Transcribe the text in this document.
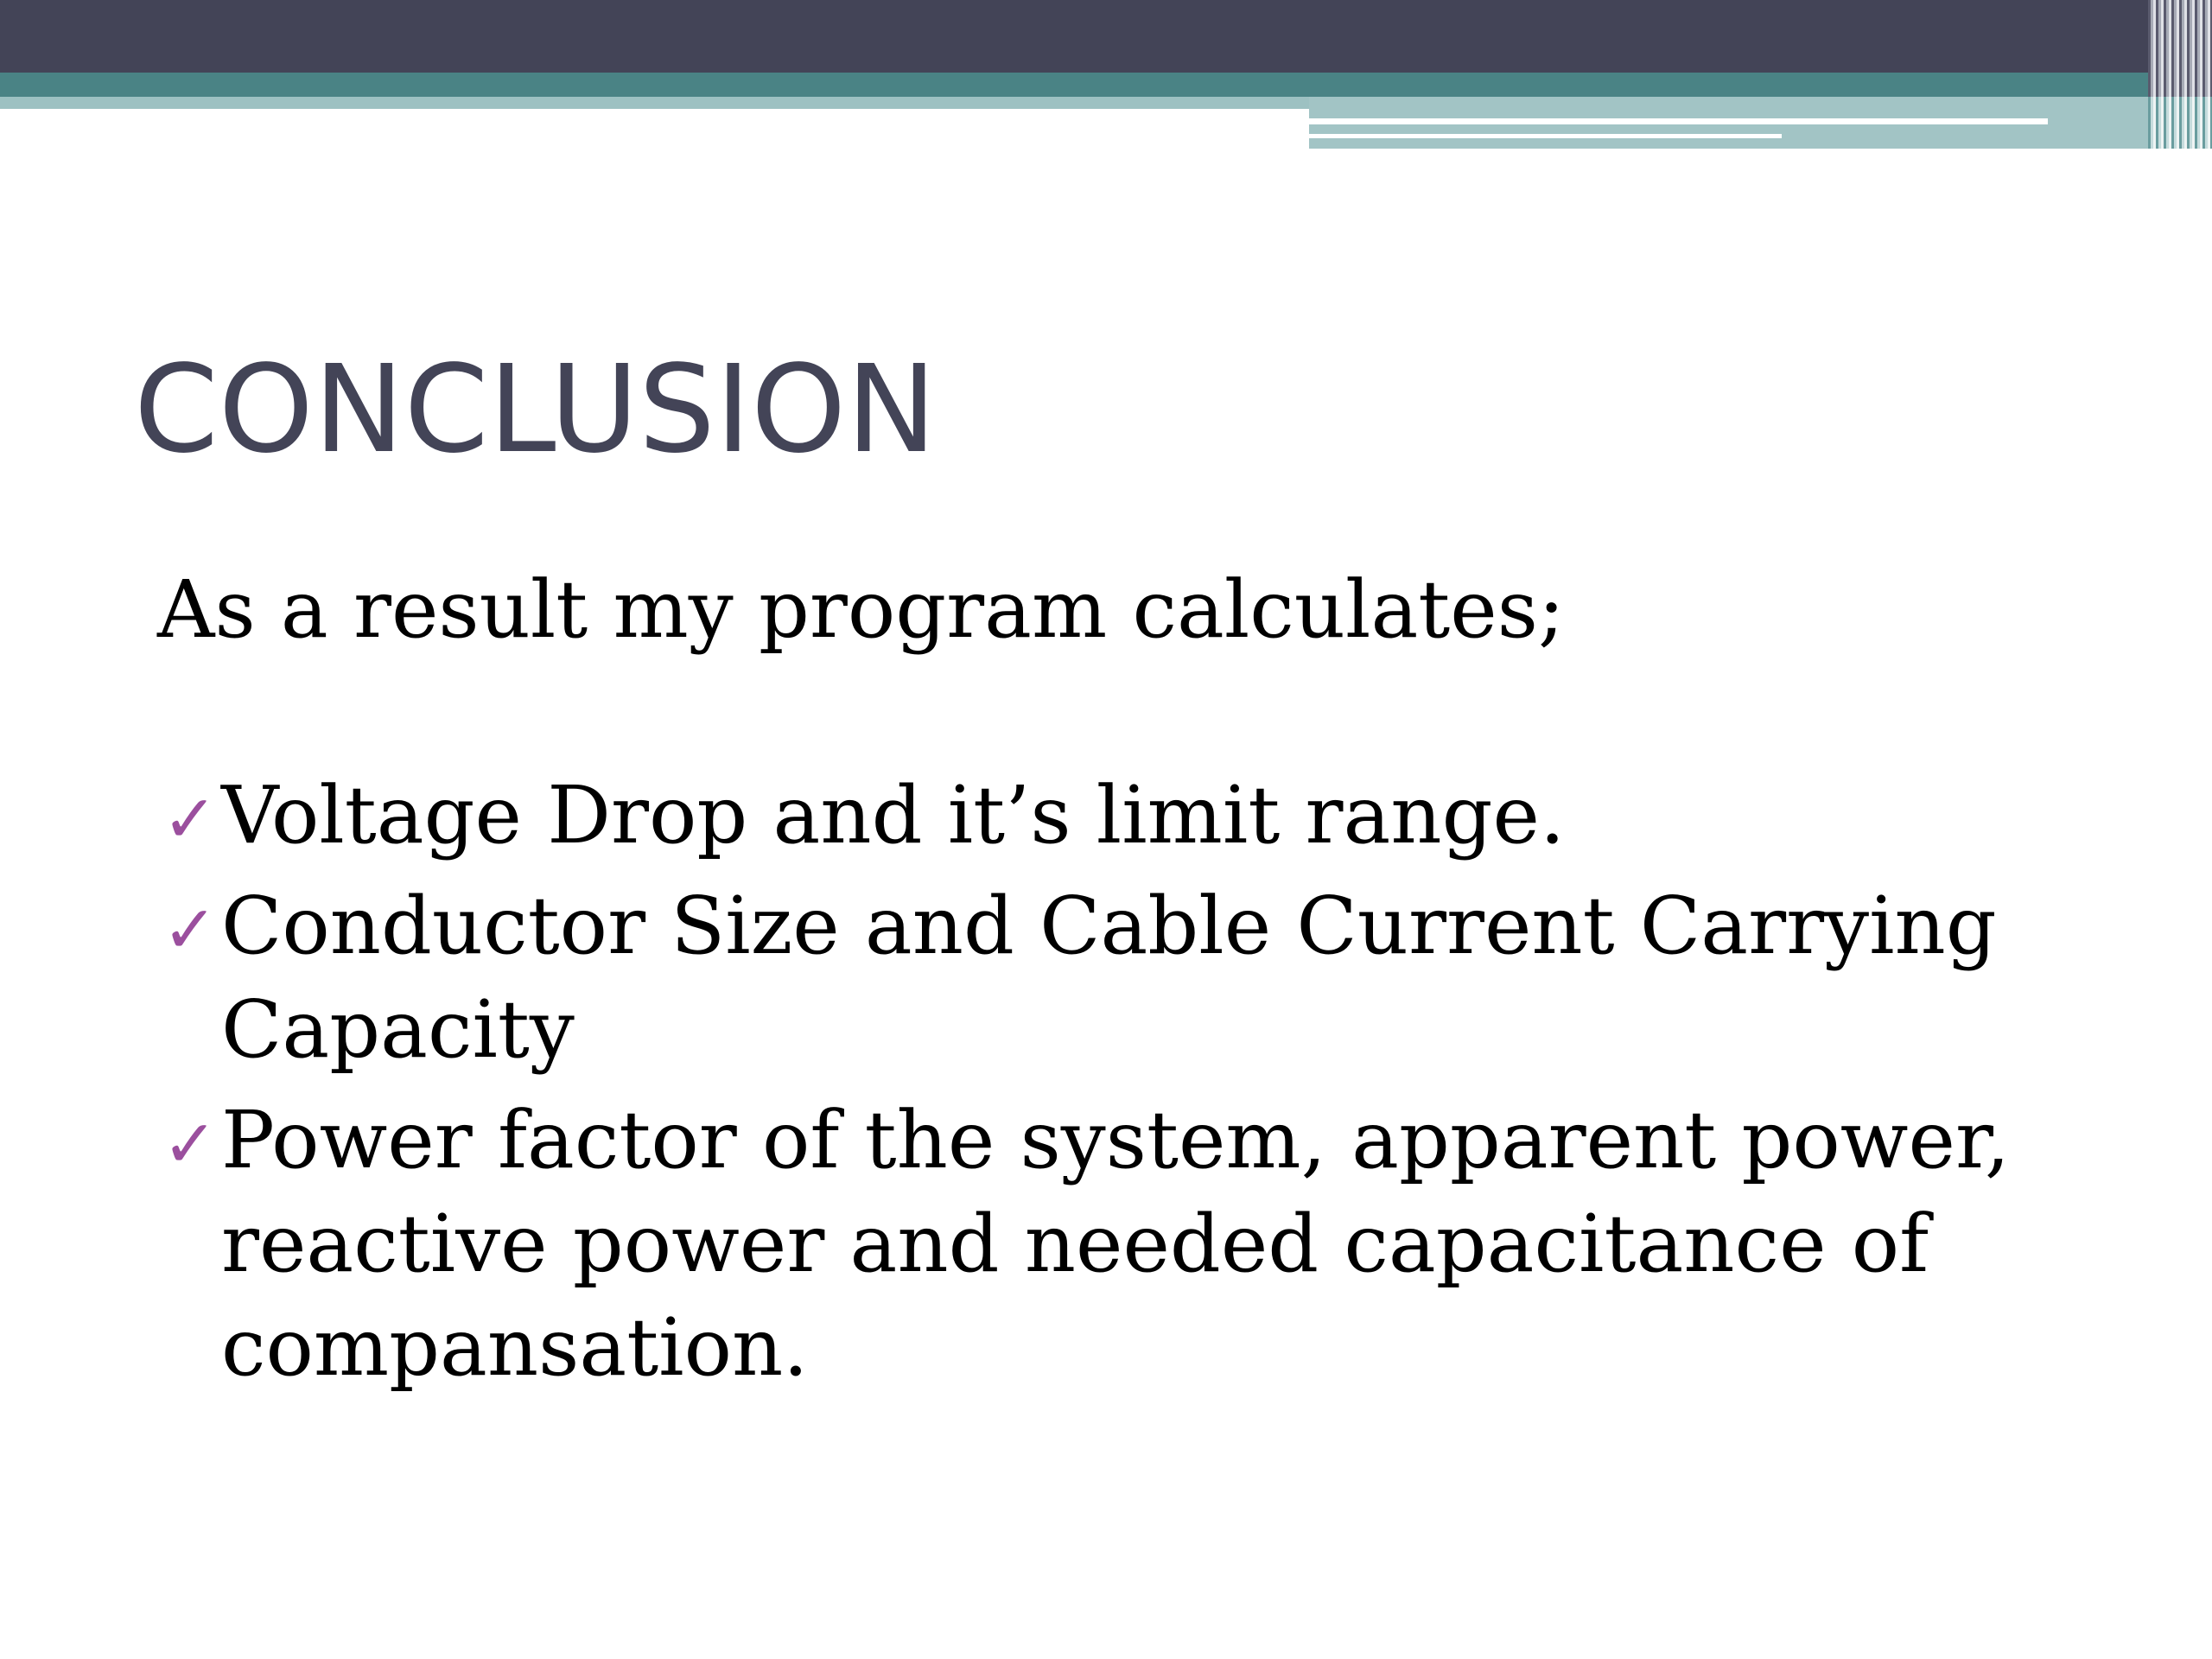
CONCLUSION

As a result my program calculates;

✓ Voltage Drop and it’s limit range.
✓ Conductor Size and Cable Current Carrying Capacity
✓ Power factor of the system, apparent power, reactive power and needed capacitance of compansation.
